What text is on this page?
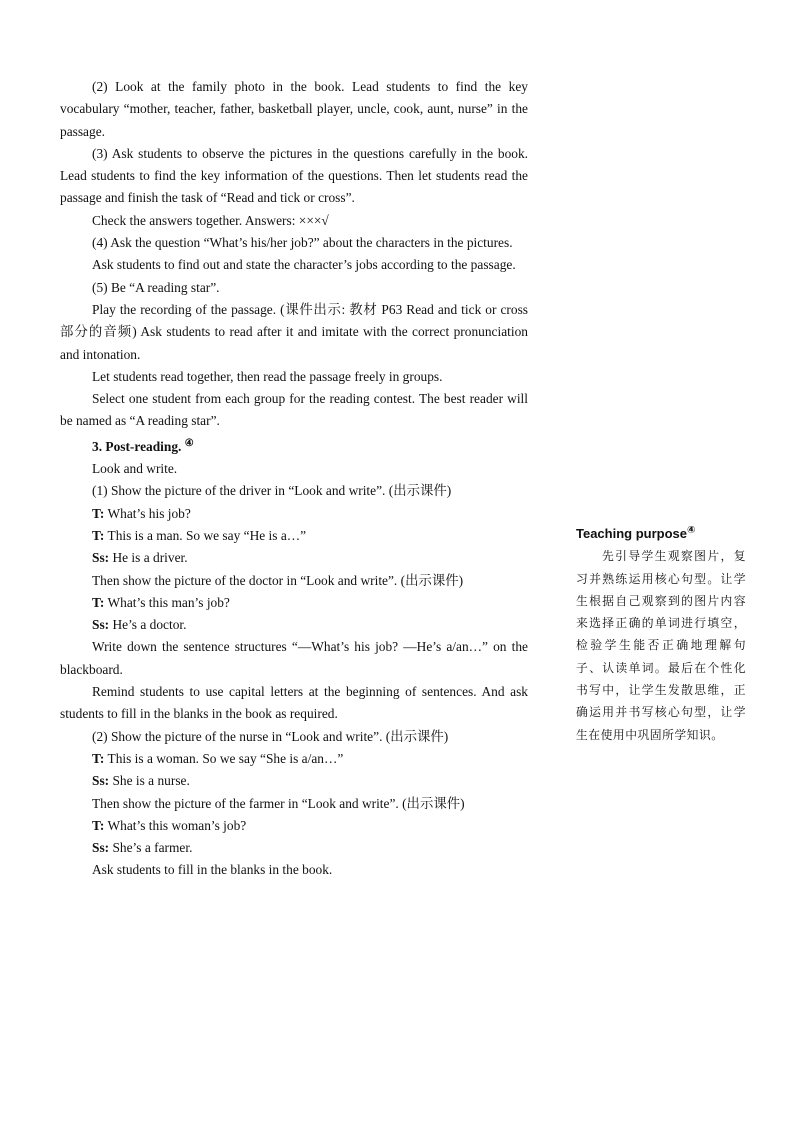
(2) Look at the family photo in the book. Lead students to find the key vocabulary “mother, teacher, father, basketball player, uncle, cook, aunt, nurse” in the passage.

(3) Ask students to observe the pictures in the questions carefully in the book. Lead students to find the key information of the questions. Then let students read the passage and finish the task of “Read and tick or cross”.

Check the answers together. Answers: ×××√

(4) Ask the question “What’s his/her job?” about the characters in the pictures.

Ask students to find out and state the character’s jobs according to the passage.

(5) Be “A reading star”.

Play the recording of the passage. (课件出示: 教材 P63 Read and tick or cross 部分的音频) Ask students to read after it and imitate with the correct pronunciation and intonation.

Let students read together, then read the passage freely in groups.

Select one student from each group for the reading contest. The best reader will be named as “A reading star”.

3. Post-reading. ④

Look and write.

(1) Show the picture of the driver in “Look and write”. (出示课件)

T: What’s his job?

T: This is a man. So we say “He is a…”

Ss: He is a driver.

Then show the picture of the doctor in “Look and write”. (出示课件)

T: What’s this man’s job?

Ss: He’s a doctor.

Write down the sentence structures “—What’s his job? —He’s a/an…” on the blackboard.

Remind students to use capital letters at the beginning of sentences. And ask students to fill in the blanks in the book as required.

(2) Show the picture of the nurse in “Look and write”. (出示课件)

T: This is a woman. So we say “She is a/an…”

Ss: She is a nurse.

Then show the picture of the farmer in “Look and write”. (出示课件)

T: What’s this woman’s job?

Ss: She’s a farmer.

Ask students to fill in the blanks in the book.

Teaching purpose④

先引导学生观察图片，复习并熟练运用核心句型。让学生根据自己观察到的图片内容来选择正确的单词进行填空，检验学生能否正确地理解句子、认读单词。最后在个性化书写中，让学生发散思维，正确运用并书写核心句型，让学生在使用中巩固所学知识。
